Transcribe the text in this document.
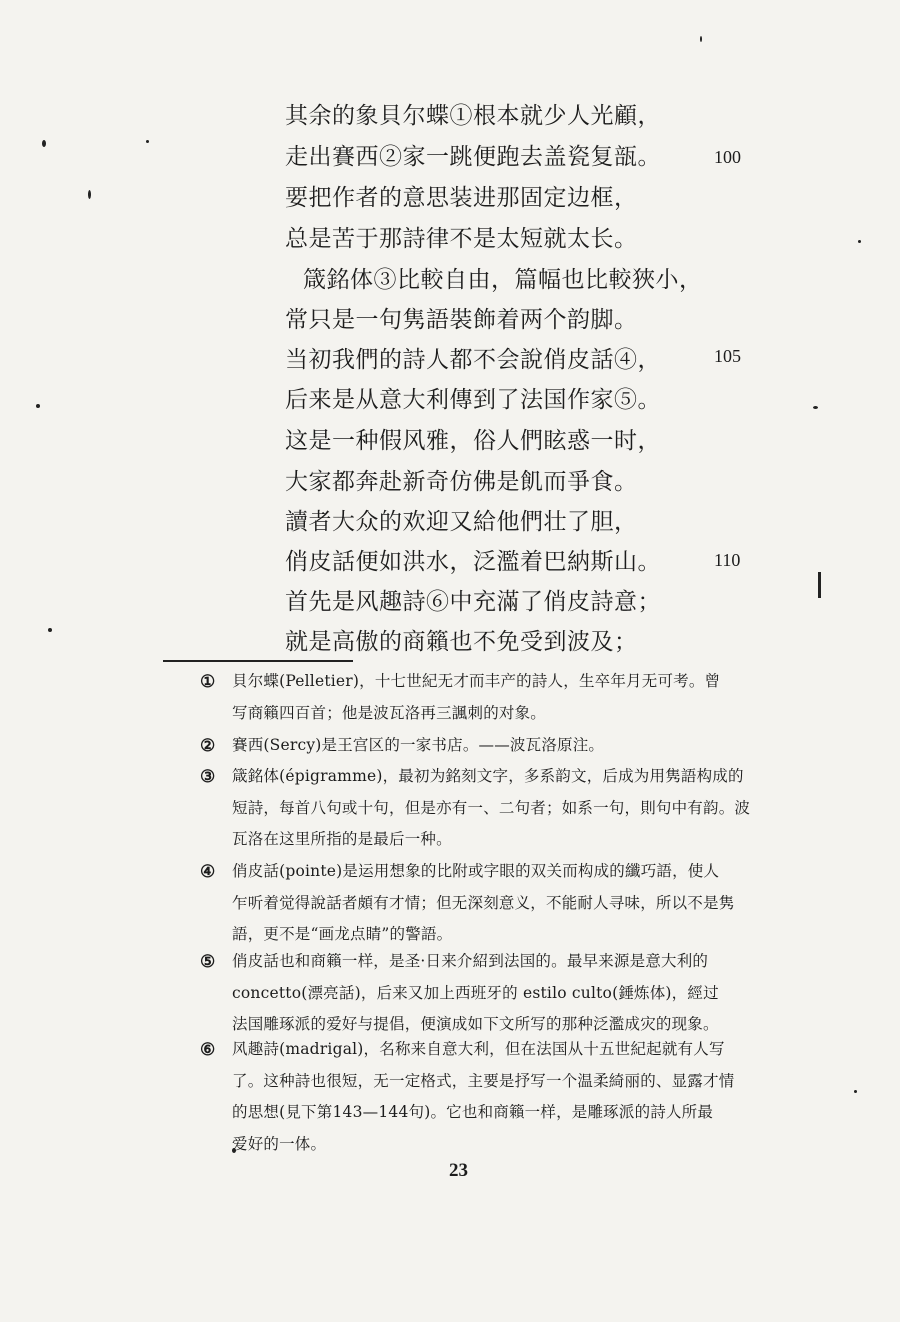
其余的象貝尔蝶①根本就少人光顧，
走出賽西②家一跳便跑去盖瓷复瓿。
要把作者的意思装进那固定边框，
总是苦于那詩律不是太短就太长。
箴銘体③比較自由，篇幅也比較狹小，
常只是一句隽語裝飾着两个韵脚。
当初我們的詩人都不会說俏皮話④，
后来是从意大利傳到了法国作家⑤。
这是一种假风雅，俗人們眩惑一时，
大家都奔赴新奇仿佛是飢而爭食。
讀者大众的欢迎又給他們壮了胆，
俏皮話便如洪水，泛濫着巴納斯山。
首先是风趣詩⑥中充滿了俏皮詩意；
就是高傲的商籟也不免受到波及；
100
105
110
① 貝尔蝶(Pelletier)，十七世紀无才而丰产的詩人，生卒年月无可考。曾
写商籟四百首；他是波瓦洛再三諷刺的对象。
② 賽西(Sercy)是王宫区的一家书店。——波瓦洛原注。
③ 箴銘体(épigramme)，最初为銘刻文字，多系韵文，后成为用隽語构成的
短詩，每首八句或十句，但是亦有一、二句者；如系一句，則句中有韵。波
瓦洛在这里所指的是最后一种。
④ 俏皮話(pointe)是运用想象的比附或字眼的双关而构成的纖巧語，使人
乍听着觉得說話者頗有才情；但无深刻意义，不能耐人寻味，所以不是隽
語，更不是“画龙点睛”的警語。
⑤ 俏皮話也和商籟一样，是圣·日来介紹到法国的。最早来源是意大利的
concetto(漂亮話)，后来又加上西班牙的 estilo culto(錘炼体)，經过
法国雕琢派的爱好与提倡，便演成如下文所写的那种泛濫成灾的现象。
⑥ 风趣詩(madrigal)，名称来自意大利，但在法国从十五世紀起就有人写
了。这种詩也很短，无一定格式，主要是抒写一个温柔綺丽的、显露才情
的思想(見下第143—144句)。它也和商籟一样，是雕琢派的詩人所最
爱好的一体。
23
